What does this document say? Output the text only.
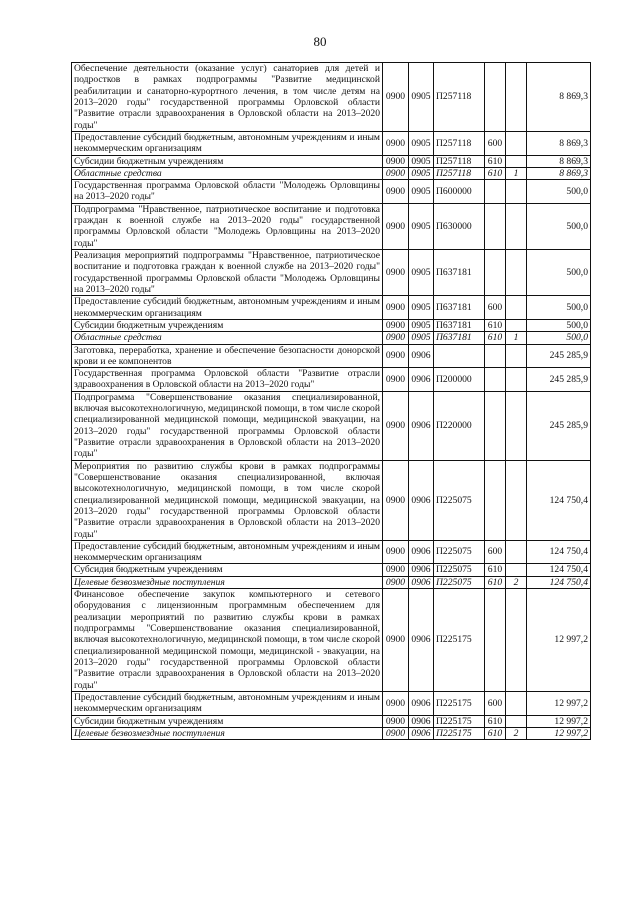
80
Обеспечение деятельности (оказание услуг) санаториев для детей и подростков в рамках подпрограммы "Развитие медицинской реабилитации и санаторно-курортного лечения, в том числе детям на 2013–2020 годы" государственной программы Орловской области "Развитие отрасли здравоохранения в Орловской области на 2013–2020 годы"	0900	0905	П257118			8 869,3
Предоставление субсидий бюджетным, автономным учреждениям и иным некоммерческим организациям	0900	0905	П257118	600		8 869,3
Субсидии бюджетным учреждениям	0900	0905	П257118	610		8 869,3
Областные средства	0900	0905	П257118	610	1	8 869,3
Государственная программа Орловской области "Молодежь Орловщины на 2013–2020 годы"	0900	0905	П600000			500,0
Подпрограмма "Нравственное, патриотическое воспитание и подготовка граждан к военной службе на 2013–2020 годы" государственной программы Орловской области "Молодежь Орловщины на 2013–2020 годы"	0900	0905	П630000			500,0
Реализация мероприятий подпрограммы "Нравственное, патриотическое воспитание и подготовка граждан к военной службе на 2013–2020 годы" государственной программы Орловской области "Молодежь Орловщины на 2013–2020 годы"	0900	0905	П637181			500,0
Предоставление субсидий бюджетным, автономным учреждениям и иным некоммерческим организациям	0900	0905	П637181	600		500,0
Субсидии бюджетным учреждениям	0900	0905	П637181	610		500,0
Областные средства	0900	0905	П637181	610	1	500,0
Заготовка, переработка, хранение и обеспечение безопасности донорской крови и ее компонентов	0900	0906				245 285,9
Государственная программа Орловской области "Развитие отрасли здравоохранения в Орловской области на 2013–2020 годы"	0900	0906	П200000			245 285,9
Подпрограмма "Совершенствование оказания специализированной, включая высокотехнологичную, медицинской помощи, в том числе скорой специализированной медицинской помощи, медицинской эвакуации, на 2013–2020 годы" государственной программы Орловской области "Развитие отрасли здравоохранения в Орловской области на 2013–2020 годы"	0900	0906	П220000			245 285,9
Мероприятия по развитию службы крови в рамках подпрограммы "Совершенствование оказания специализированной, включая высокотехнологичную, медицинской помощи, в том числе скорой специализированной медицинской помощи, медицинской эвакуации, на 2013–2020 годы" государственной программы Орловской области "Развитие отрасли здравоохранения в Орловской области на 2013–2020 годы"	0900	0906	П225075			124 750,4
Предоставление субсидий бюджетным, автономным учреждениям и иным некоммерческим организациям	0900	0906	П225075	600		124 750,4
Субсидия бюджетным учреждениям	0900	0906	П225075	610		124 750,4
Целевые безвозмездные поступления	0900	0906	П225075	610	2	124 750,4
Финансовое обеспечение закупок компьютерного и сетевого оборудования с лицензионным программным обеспечением для реализации мероприятий по развитию службы крови в рамках подпрограммы "Совершенствование оказания специализированной, включая высокотехнологичную, медицинской помощи, в том числе скорой специализированной медицинской помощи, медицинской - эвакуации, на 2013–2020 годы" государственной программы Орловской области "Развитие отрасли здравоохранения в Орловской области на 2013–2020 годы"	0900	0906	П225175			12 997,2
Предоставление субсидий бюджетным, автономным учреждениям и иным некоммерческим организациям	0900	0906	П225175	600		12 997,2
Субсидии бюджетным учреждениям	0900	0906	П225175	610		12 997,2
Целевые безвозмездные поступления	0900	0906	П225175	610	2	12 997,2
